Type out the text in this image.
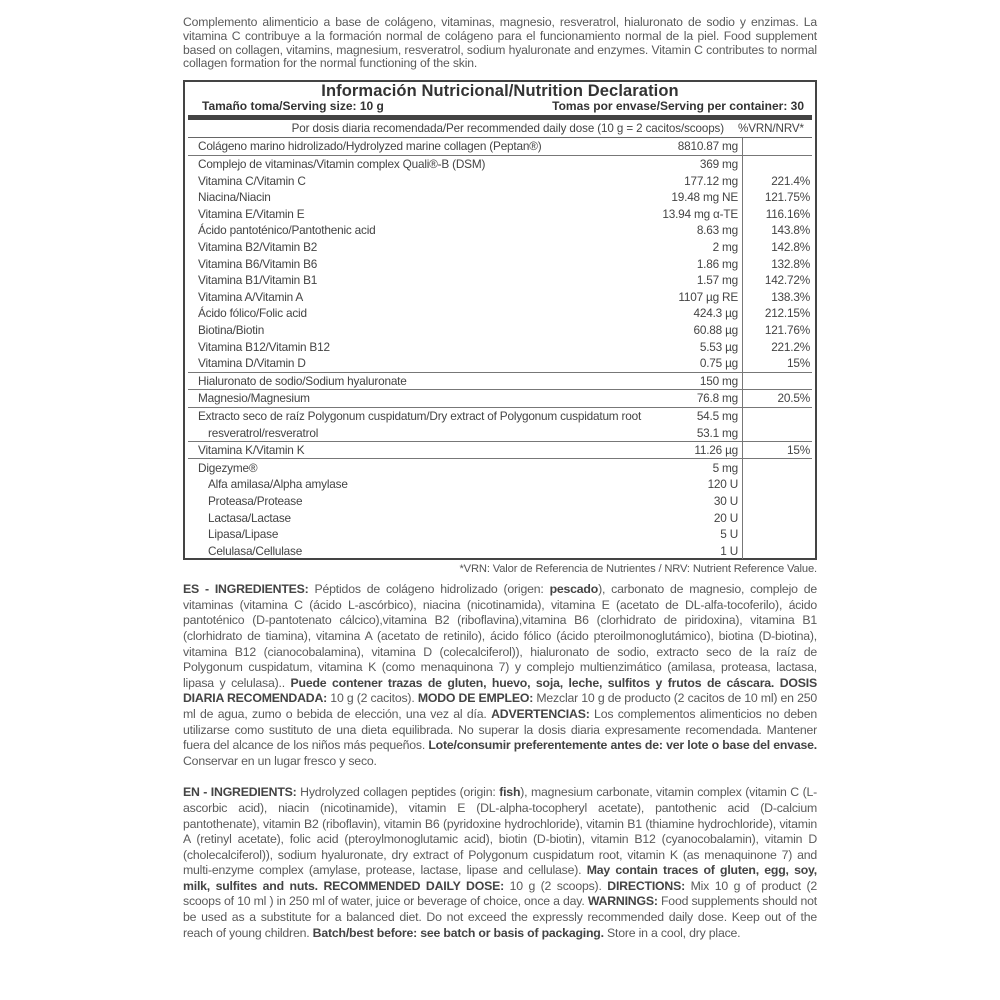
Complemento alimenticio a base de colágeno, vitaminas, magnesio, resveratrol, hialuronato de sodio y enzimas. La vitamina C contribuye a la formación normal de colágeno para el funcionamiento normal de la piel. Food supplement based on collagen, vitamins, magnesium, resveratrol, sodium hyaluronate and enzymes. Vitamin C contributes to normal collagen formation for the normal functioning of the skin.
Información Nutricional/Nutrition Declaration
Tamaño toma/Serving size: 10 g	Tomas por envase/Serving per container: 30
Por dosis diaria recomendada/Per recommended daily dose (10 g = 2 cacitos/scoops)	%VRN/NRV*
Colágeno marino hidrolizado/Hydrolyzed marine collagen (Peptan®)	8810.87 mg	
Complejo de vitaminas/Vitamin complex Quali®-B (DSM)	369 mg	
Vitamina C/Vitamin C	177.12 mg	221.4%
Niacina/Niacin	19.48 mg NE	121.75%
Vitamina E/Vitamin E	13.94 mg α-TE	116.16%
Ácido pantoténico/Pantothenic acid	8.63 mg	143.8%
Vitamina B2/Vitamin B2	2 mg	142.8%
Vitamina B6/Vitamin B6	1.86 mg	132.8%
Vitamina B1/Vitamin B1	1.57 mg	142.72%
Vitamina A/Vitamin A	1107 µg RE	138.3%
Ácido fólico/Folic acid	424.3 µg	212.15%
Biotina/Biotin	60.88 µg	121.76%
Vitamina B12/Vitamin B12	5.53 µg	221.2%
Vitamina D/Vitamin D	0.75 µg	15%
Hialuronato de sodio/Sodium hyaluronate	150 mg	
Magnesio/Magnesium	76.8 mg	20.5%
Extracto seco de raíz Polygonum cuspidatum/Dry extract of Polygonum cuspidatum root	54.5 mg	
resveratrol/resveratrol	53.1 mg	
Vitamina K/Vitamin K	11.26 µg	15%
Digezyme®	5 mg	
Alfa amilasa/Alpha amylase	120 U	
Proteasa/Protease	30 U	
Lactasa/Lactase	20 U	
Lipasa/Lipase	5 U	
Celulasa/Cellulase	1 U	
*VRN: Valor de Referencia de Nutrientes / NRV: Nutrient Reference Value.
ES - INGREDIENTES: Péptidos de colágeno hidrolizado (origen: pescado), carbonato de magnesio, complejo de vitaminas (vitamina C (ácido L-ascórbico), niacina (nicotinamida), vitamina E (acetato de DL-alfa-tocoferilo), ácido pantoténico (D-pantotenato cálcico),vitamina B2 (riboflavina),vitamina B6 (clorhidrato de piridoxina), vitamina B1 (clorhidrato de tiamina), vitamina A (acetato de retinilo), ácido fólico (ácido pteroilmonoglutámico), biotina (D-biotina), vitamina B12 (cianocobalamina), vitamina D (colecalciferol)), hialuronato de sodio, extracto seco de la raíz de Polygonum cuspidatum, vitamina K (como menaquinona 7) y complejo multienzimático (amilasa, proteasa, lactasa, lipasa y celulasa).. Puede contener trazas de gluten, huevo, soja, leche, sulfitos y frutos de cáscara. DOSIS DIARIA RECOMENDADA: 10 g (2 cacitos). MODO DE EMPLEO: Mezclar 10 g de producto (2 cacitos de 10 ml) en 250 ml de agua, zumo o bebida de elección, una vez al día. ADVERTENCIAS: Los complementos alimenticios no deben utilizarse como sustituto de una dieta equilibrada. No superar la dosis diaria expresamente recomendada. Mantener fuera del alcance de los niños más pequeños. Lote/consumir preferentemente antes de: ver lote o base del envase. Conservar en un lugar fresco y seco.
EN - INGREDIENTS: Hydrolyzed collagen peptides (origin: fish), magnesium carbonate, vitamin complex (vitamin C (L-ascorbic acid), niacin (nicotinamide), vitamin E (DL-alpha-tocopheryl acetate), pantothenic acid (D-calcium pantothenate), vitamin B2 (riboflavin), vitamin B6 (pyridoxine hydrochloride), vitamin B1 (thiamine hydrochloride), vitamin A (retinyl acetate), folic acid (pteroylmonoglutamic acid), biotin (D-biotin), vitamin B12 (cyanocobalamin), vitamin D (cholecalciferol)), sodium hyaluronate, dry extract of Polygonum cuspidatum root, vitamin K (as menaquinone 7) and multi-enzyme complex (amylase, protease, lactase, lipase and cellulase). May contain traces of gluten, egg, soy, milk, sulfites and nuts. RECOMMENDED DAILY DOSE: 10 g (2 scoops). DIRECTIONS: Mix 10 g of product (2 scoops of 10 ml ) in 250 ml of water, juice or beverage of choice, once a day. WARNINGS: Food supplements should not be used as a substitute for a balanced diet. Do not exceed the expressly recommended daily dose. Keep out of the reach of young children. Batch/best before: see batch or basis of packaging. Store in a cool, dry place.
